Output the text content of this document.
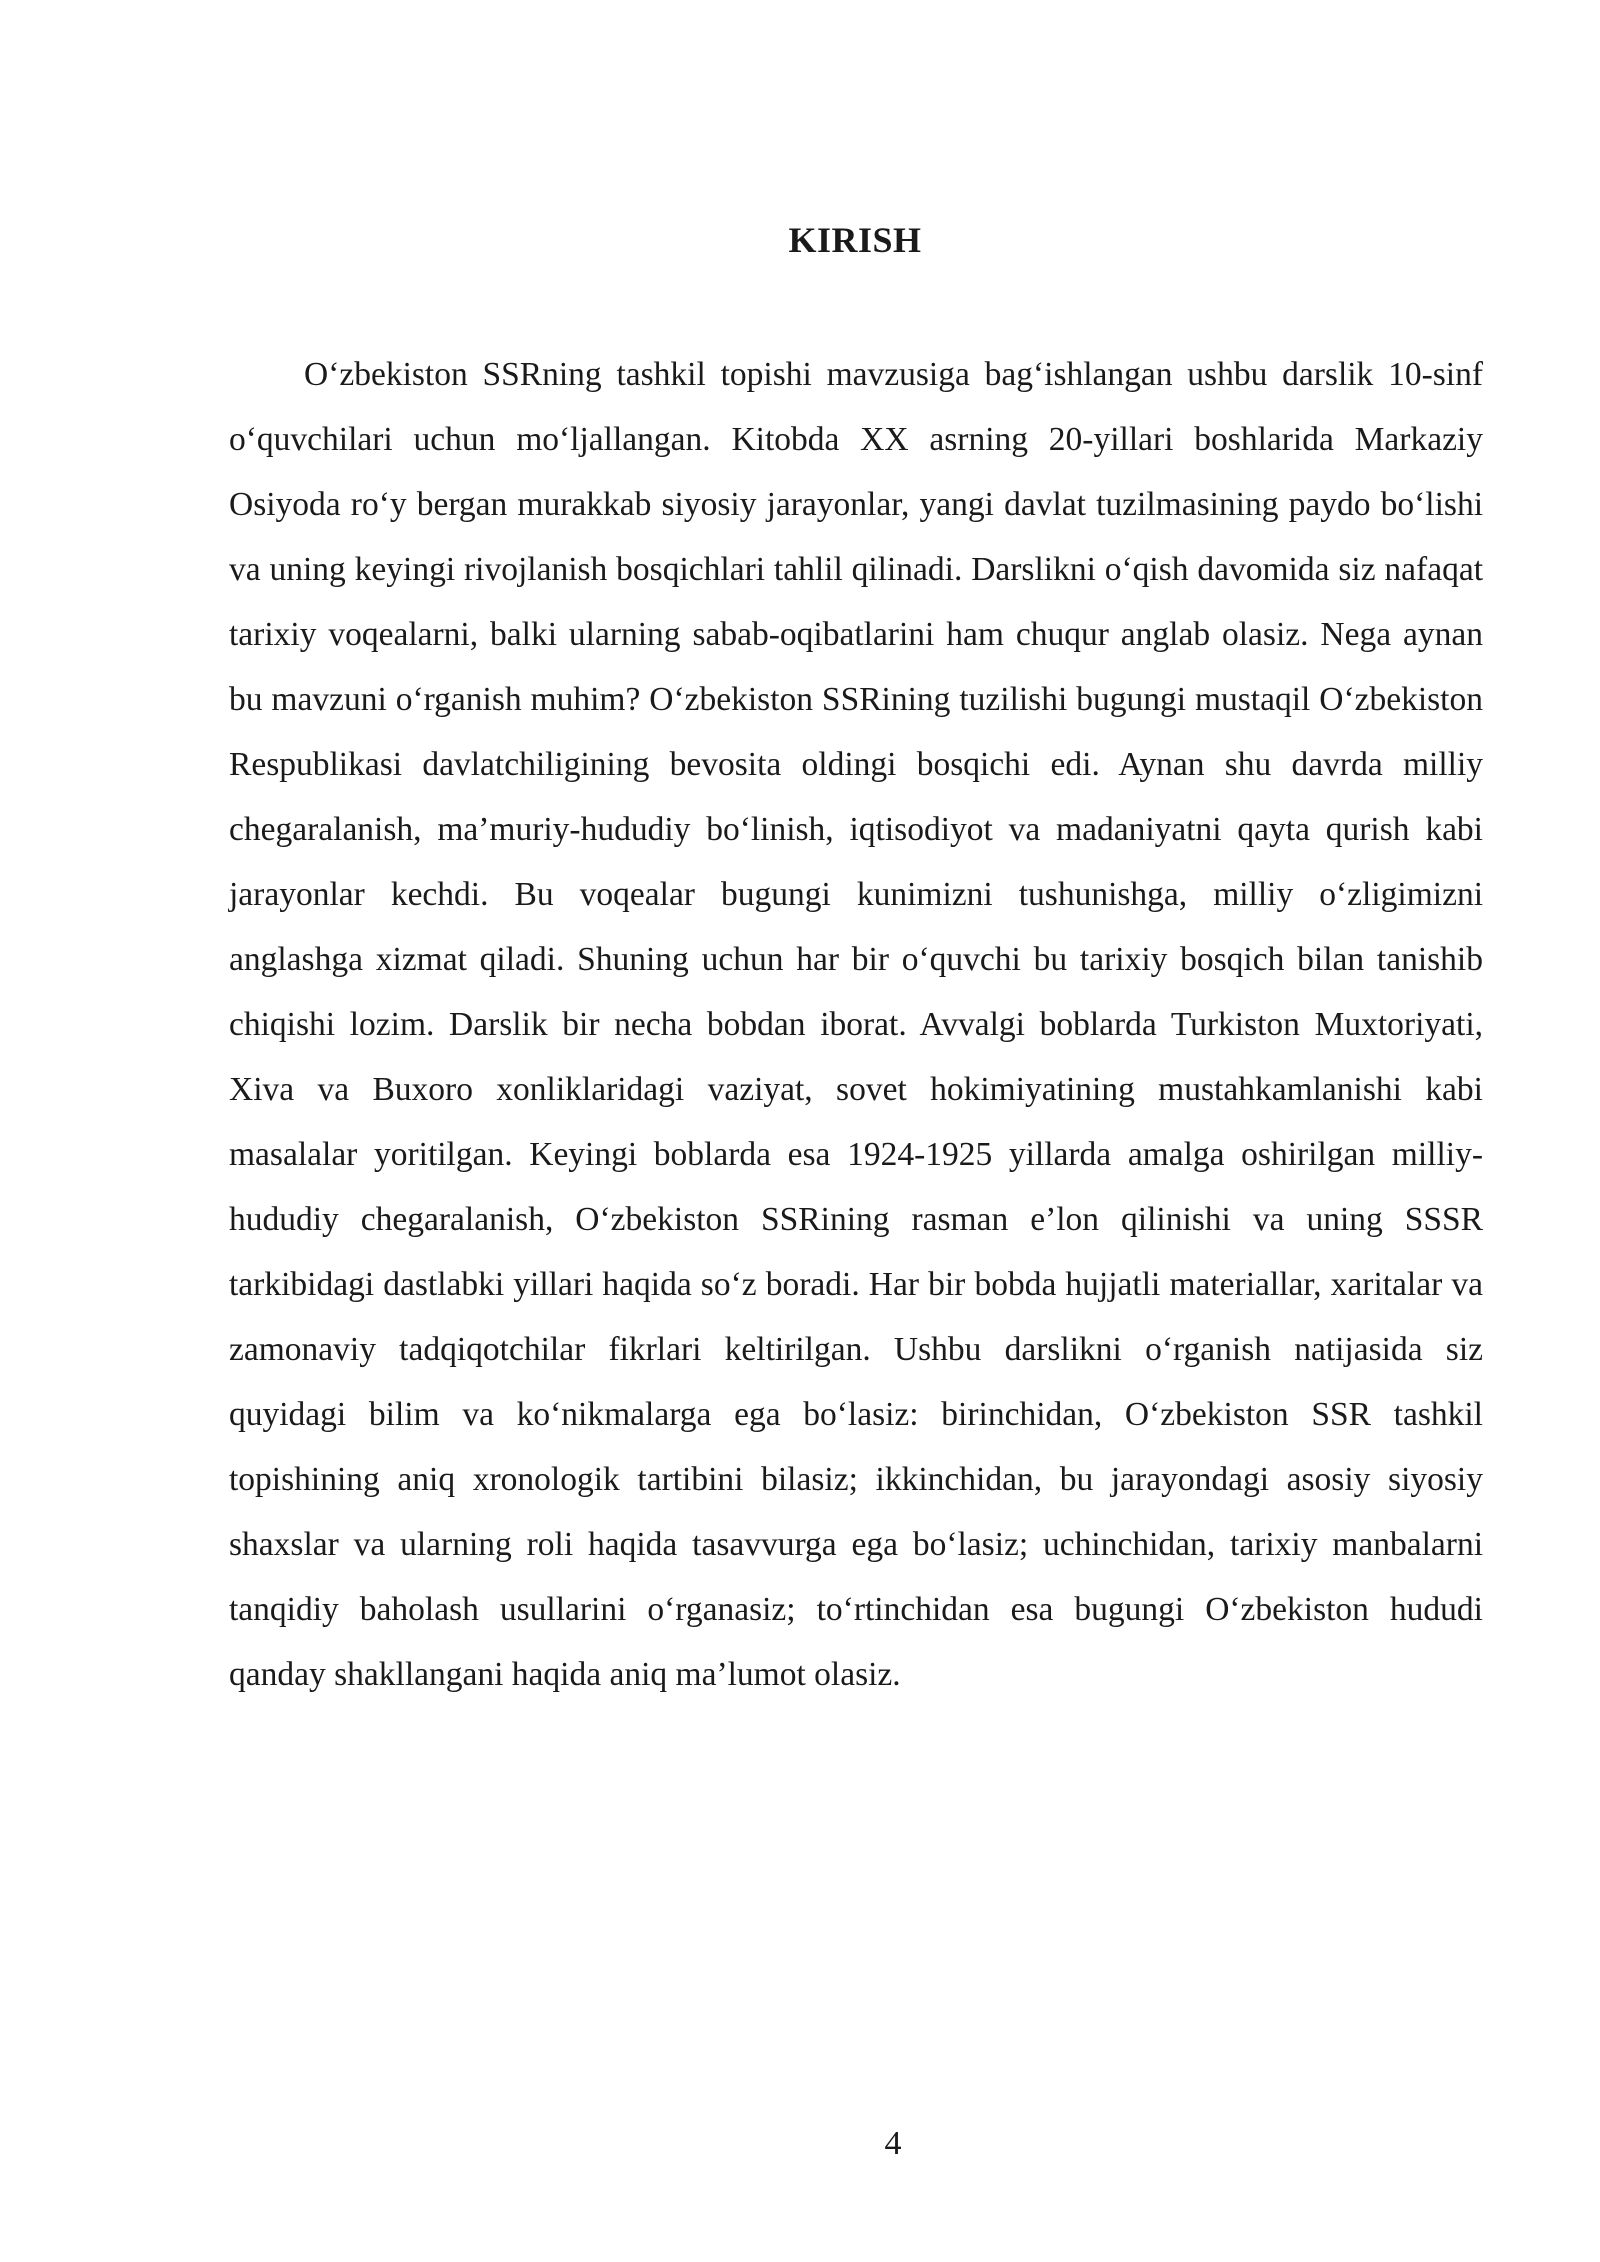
KIRISH

O‘zbekiston SSRning tashkil topishi mavzusiga bag‘ishlangan ushbu darslik 10-sinf o‘quvchilari uchun mo‘ljallangan. Kitobda XX asrning 20-yillari boshlarida Markaziy Osiyoda ro‘y bergan murakkab siyosiy jarayonlar, yangi davlat tuzilmasining paydo bo‘lishi va uning keyingi rivojlanish bosqichlari tahlil qilinadi. Darslikni o‘qish davomida siz nafaqat tarixiy voqealarni, balki ularning sabab-oqibatlarini ham chuqur anglab olasiz. Nega aynan bu mavzuni o‘rganish muhim? O‘zbekiston SSRining tuzilishi bugungi mustaqil O‘zbekiston Respublikasi davlatchiligining bevosita oldingi bosqichi edi. Aynan shu davrda milliy chegaralanish, ma’muriy-hududiy bo‘linish, iqtisodiyot va madaniyatni qayta qurish kabi jarayonlar kechdi. Bu voqealar bugungi kunimizni tushunishga, milliy o‘zligimizni anglashga xizmat qiladi. Shuning uchun har bir o‘quvchi bu tarixiy bosqich bilan tanishib chiqishi lozim. Darslik bir necha bobdan iborat. Avvalgi boblarda Turkiston Muxtoriyati, Xiva va Buxoro xonliklaridagi vaziyat, sovet hokimiyatining mustahkamlanishi kabi masalalar yoritilgan. Keyingi boblarda esa 1924-1925 yillarda amalga oshirilgan milliy-hududiy chegaralanish, O‘zbekiston SSRining rasman e’lon qilinishi va uning SSSR tarkibidagi dastlabki yillari haqida so‘z boradi. Har bir bobda hujjatli materiallar, xaritalar va zamonaviy tadqiqotchilar fikrlari keltirilgan. Ushbu darslikni o‘rganish natijasida siz quyidagi bilim va ko‘nikmalarga ega bo‘lasiz: birinchidan, O‘zbekiston SSR tashkil topishining aniq xronologik tartibini bilasiz; ikkinchidan, bu jarayondagi asosiy siyosiy shaxslar va ularning roli haqida tasavvurga ega bo‘lasiz; uchinchidan, tarixiy manbalarni tanqidiy baholash usullarini o‘rganasiz; to‘rtinchidan esa bugungi O‘zbekiston hududi qanday shakllangani haqida aniq ma’lumot olasiz.

4
